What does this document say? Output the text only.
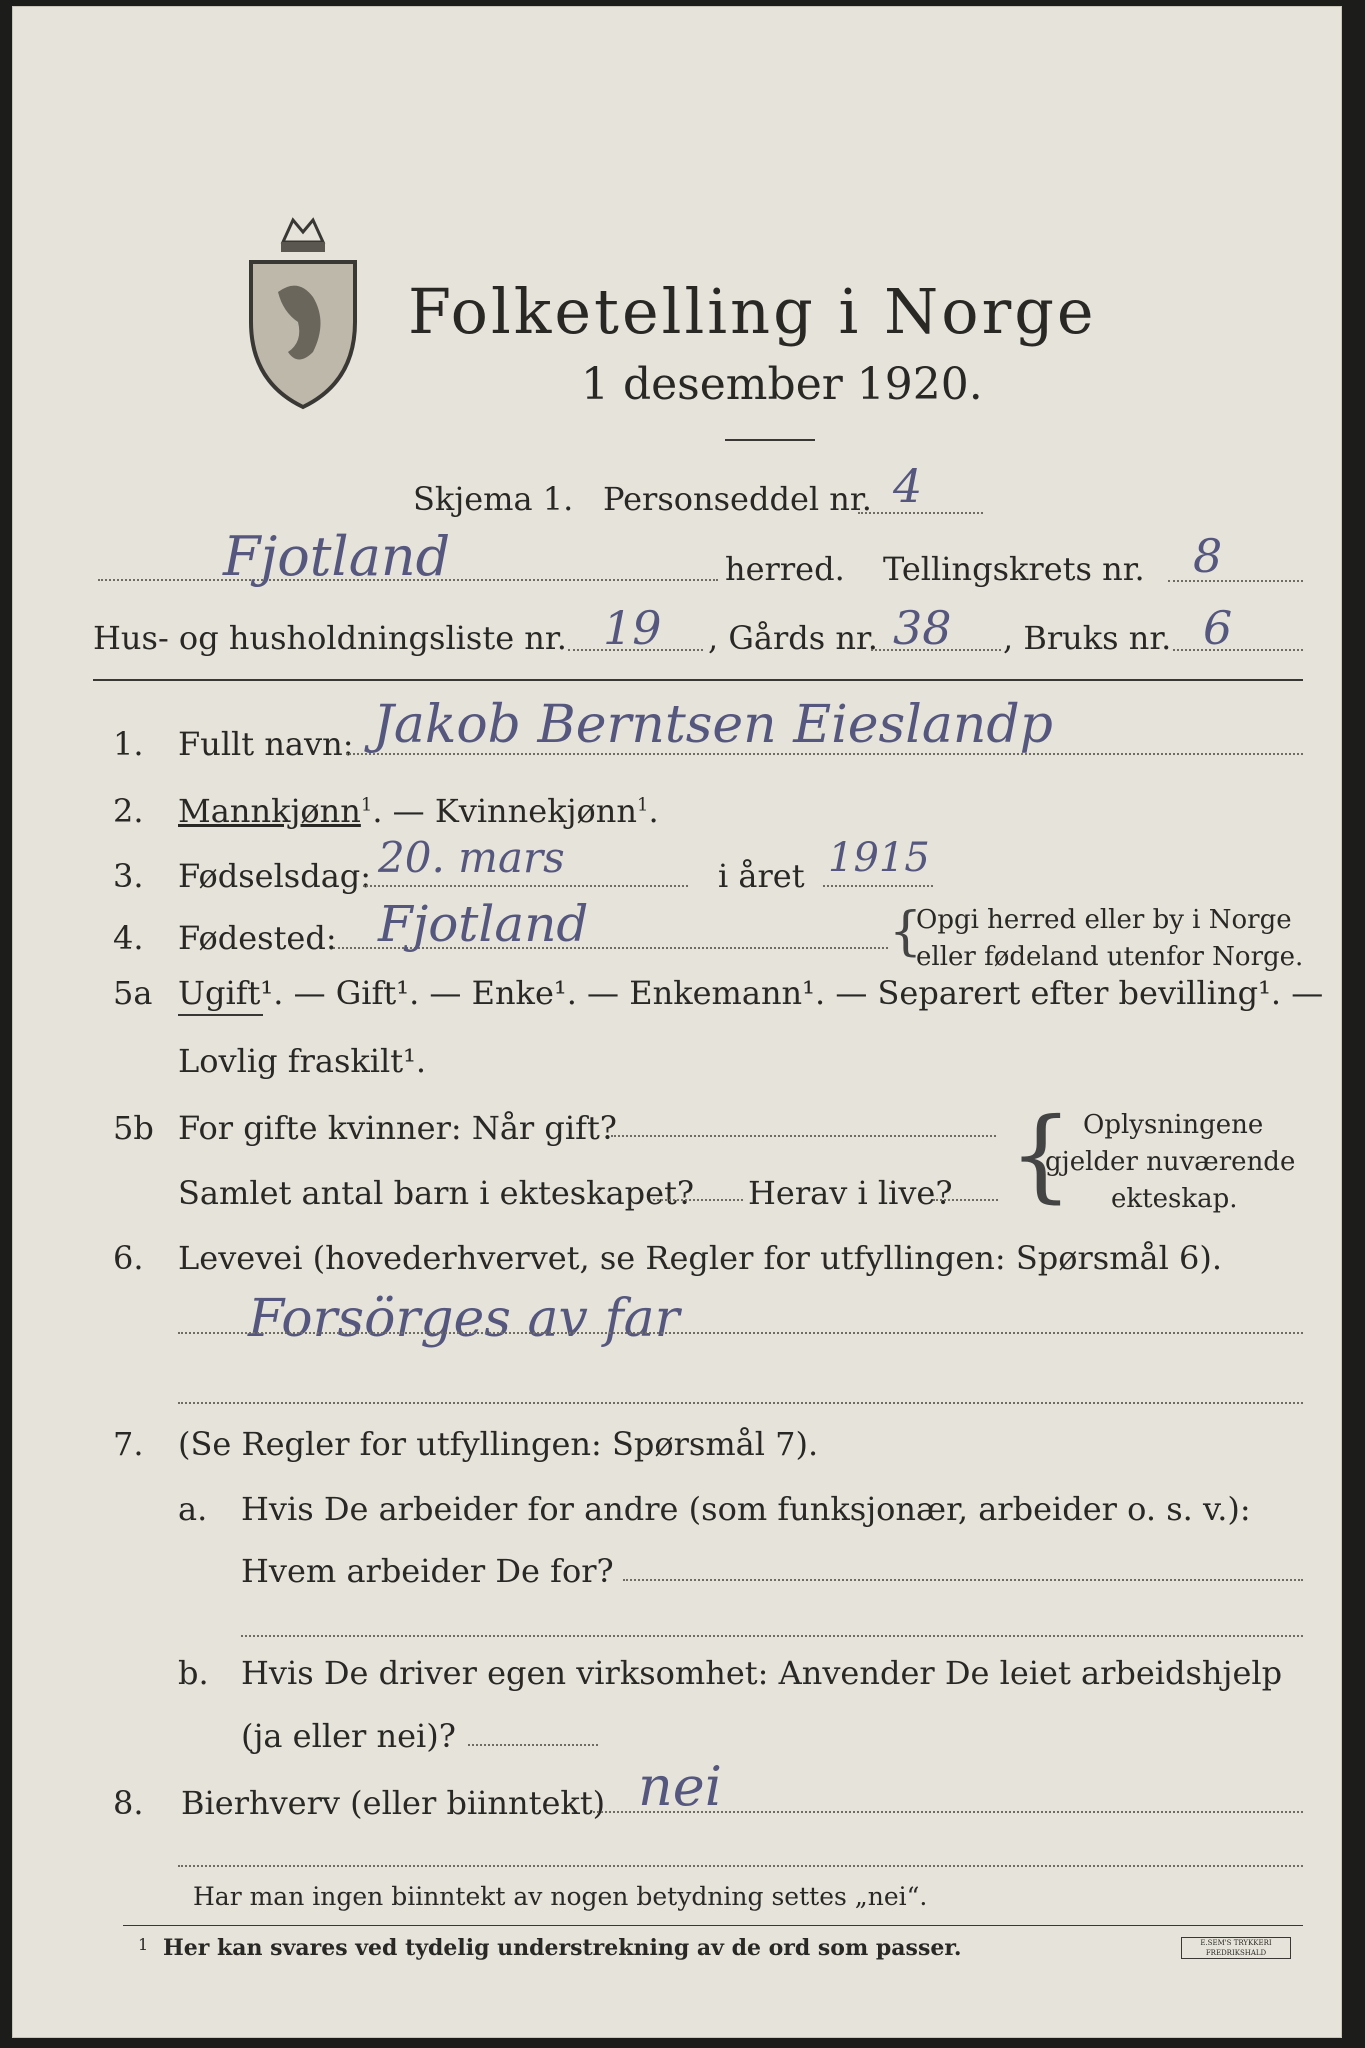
Folketelling i Norge
1 desember 1920.
Skjema 1. Personseddel nr. 4
Fjotland	herred. Tellingskrets nr. 8
Hus- og husholdningsliste nr. 19 , Gårds nr. 38 , Bruks nr. 6
1. Fullt navn: Jakob Berntsen Eieslandp
2. Mannkjønn$^1$. — Kvinnekjønn$^1$.
3. Fødselsdag: 20. mars	i året 1915
4. Fødested: Fjotland	{
Opgi herred eller by i Norge
eller fødeland utenfor Norge.
5a Ugift¹. — Gift¹. — Enke¹. — Enkemann¹. — Separert efter bevilling¹. —
Lovlig fraskilt¹.
5b For gifte kvinner: Når gift?
Samlet antal barn i ekteskapet? Herav i live? { Oplysningene
gjelder nuværende
ekteskap.
6. Levevei (hovederhvervet, se Regler for utfyllingen: Spørsmål 6).
Forsörges av far
7. (Se Regler for utfyllingen: Spørsmål 7).
a. Hvis De arbeider for andre (som funksjonær, arbeider o. s. v.):
Hvem arbeider De for?
b. Hvis De driver egen virksomhet: Anvender De leiet arbeidshjelp
(ja eller nei)?
8. Bierhverv (eller biinntekt) nei
Har man ingen biinntekt av nogen betydning settes „nei“.
1 Her kan svares ved tydelig understrekning av de ord som passer.	E.SEM'S TRYKKERI FREDRIKSHALD
